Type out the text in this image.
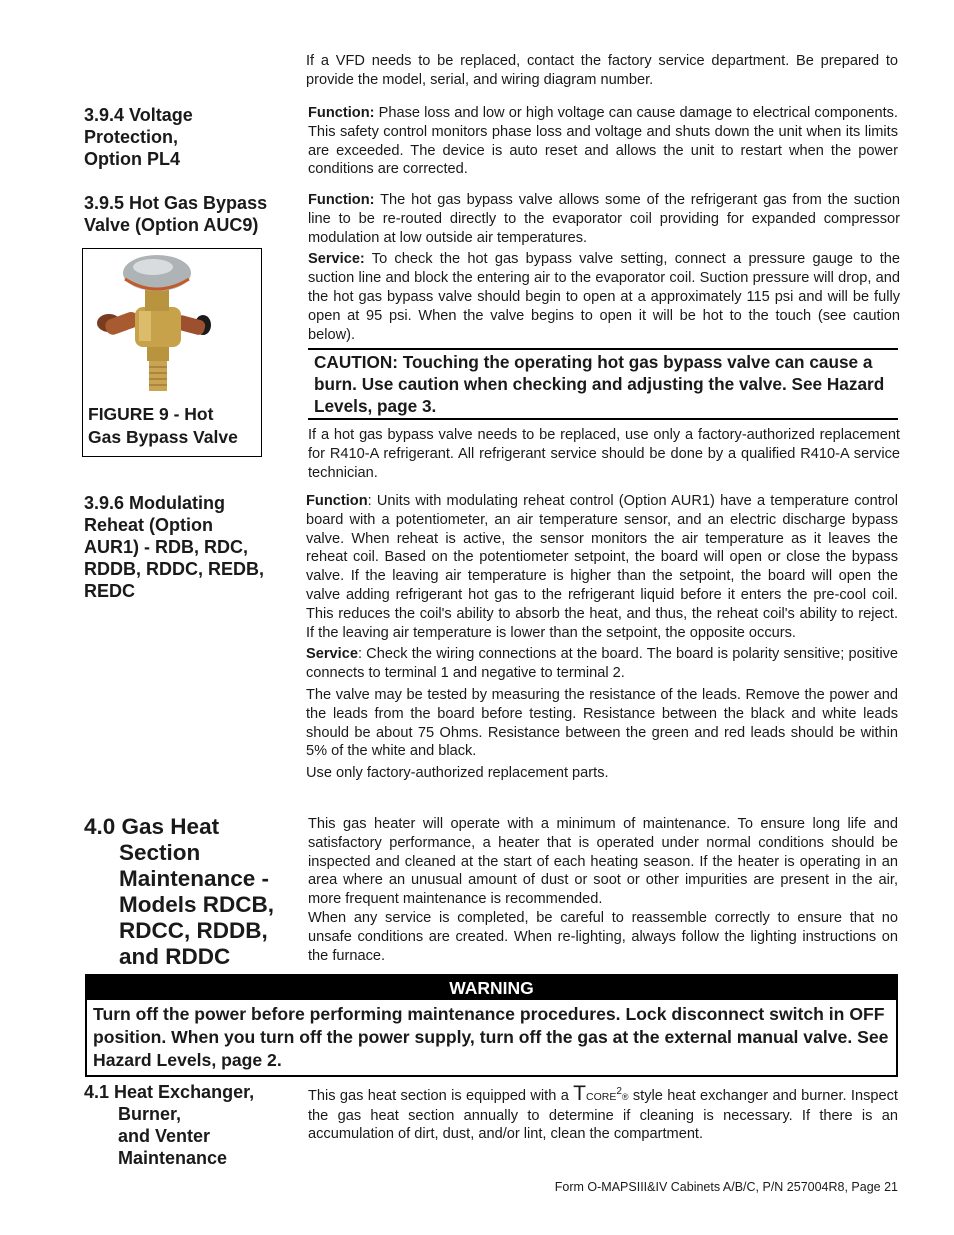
If a VFD needs to be replaced, contact the factory service department. Be prepared to provide the model, serial, and wiring diagram number.

3.9.4 Voltage
Protection,
Option PL4

Function: Phase loss and low or high voltage can cause damage to electrical components. This safety control monitors phase loss and voltage and shuts down the unit when its limits are exceeded. The device is auto reset and allows the unit to restart when the power conditions are corrected.

3.9.5 Hot Gas Bypass
Valve (Option AUC9)

Function: The hot gas bypass valve allows some of the refrigerant gas from the suction line to be re-routed directly to the evaporator coil providing for expanded compressor modulation at low outside air temperatures.

Service: To check the hot gas bypass valve setting, connect a pressure gauge to the suction line and block the entering air to the evaporator coil. Suction pressure will drop, and the hot gas bypass valve should begin to open at a approximately 115 psi and will be fully open at 95 psi. When the valve begins to open it will be hot to the touch (see caution below).

CAUTION: Touching the operating hot gas bypass valve can cause a burn. Use caution when checking and adjusting the valve. See Hazard Levels, page 3.

If a hot gas bypass valve needs to be replaced, use only a factory-authorized replacement for R410-A refrigerant. All refrigerant service should be done by a qualified R410-A service technician.

FIGURE 9 - Hot
Gas Bypass Valve
3.9.6 Modulating
Reheat (Option
AUR1) - RDB, RDC,
RDDB, RDDC, REDB,
REDC

Function: Units with modulating reheat control (Option AUR1) have a temperature control board with a potentiometer, an air temperature sensor, and an electric discharge bypass valve. When reheat is active, the sensor monitors the air temperature as it leaves the reheat coil. Based on the potentiometer setpoint, the board will open or close the bypass valve. If the leaving air temperature is higher than the setpoint, the board will open the valve adding refrigerant hot gas to the refrigerant liquid before it enters the pre-cool coil. This reduces the coil's ability to absorb the heat, and thus, the reheat coil's ability to reject. If the leaving air temperature is lower than the setpoint, the opposite occurs.

Service: Check the wiring connections at the board. The board is polarity sensitive; positive connects to terminal 1 and negative to terminal 2.

The valve may be tested by measuring the resistance of the leads. Remove the power and the leads from the board before testing. Resistance between the black and white leads should be about 75 Ohms. Resistance between the green and red leads should be within 5% of the white and black.

Use only factory-authorized replacement parts.

4.0 Gas Heat
Section
Maintenance -
Models RDCB,
RDCC, RDDB,
and RDDC

This gas heater will operate with a minimum of maintenance. To ensure long life and satisfactory performance, a heater that is operated under normal conditions should be inspected and cleaned at the start of each heating season. If the heater is operating in an area where an unusual amount of dust or soot or other impurities are present in the air, more frequent maintenance is recommended.

When any service is completed, be careful to reassemble correctly to ensure that no unsafe conditions are created. When re-lighting, always follow the lighting instructions on the furnace.

WARNING
Turn off the power before performing maintenance procedures. Lock disconnect switch in OFF position. When you turn off the power supply, turn off the gas at the external manual valve. See Hazard Levels, page 2.
4.1 Heat Exchanger,
Burner,
and Venter
Maintenance

This gas heat section is equipped with a TCORE$^2$® style heat exchanger and burner. Inspect the gas heat section annually to determine if cleaning is necessary. If there is an accumulation of dirt, dust, and/or lint, clean the compartment.

Form O-MAPSIII&IV Cabinets A/B/C, P/N 257004R8, Page 21
